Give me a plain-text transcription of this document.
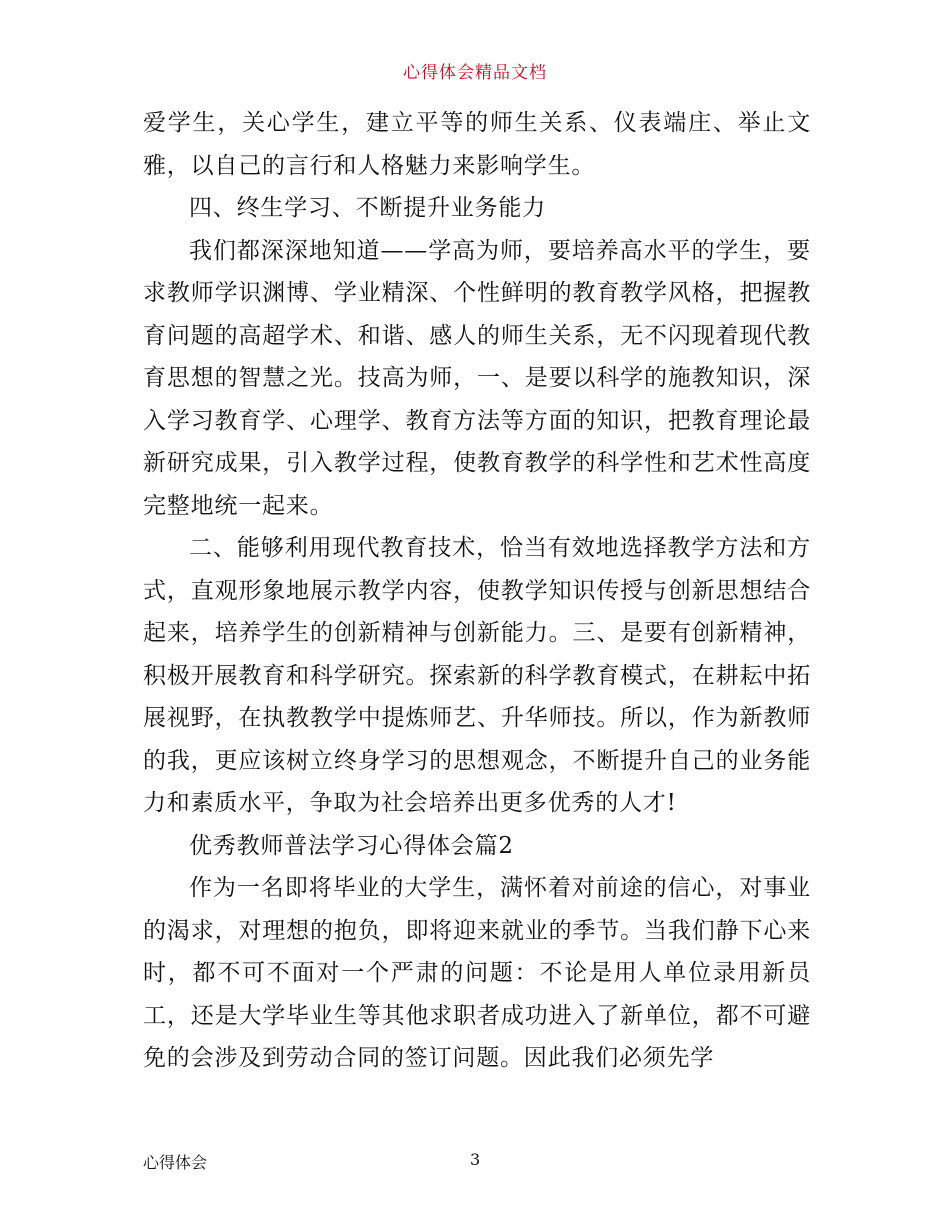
心得体会精品文档

爱学生，关心学生，建立平等的师生关系、仪表端庄、举止文雅，以自己的言行和人格魅力来影响学生。

四、终生学习、不断提升业务能力

我们都深深地知道——学高为师，要培养高水平的学生，要求教师学识渊博、学业精深、个性鲜明的教育教学风格，把握教育问题的高超学术、和谐、感人的师生关系，无不闪现着现代教育思想的智慧之光。技高为师，一、是要以科学的施教知识，深入学习教育学、心理学、教育方法等方面的知识，把教育理论最新研究成果，引入教学过程，使教育教学的科学性和艺术性高度完整地统一起来。

二、能够利用现代教育技术，恰当有效地选择教学方法和方式，直观形象地展示教学内容，使教学知识传授与创新思想结合起来，培养学生的创新精神与创新能力。三、是要有创新精神，积极开展教育和科学研究。探索新的科学教育模式，在耕耘中拓展视野，在执教教学中提炼师艺、升华师技。所以，作为新教师的我，更应该树立终身学习的思想观念，不断提升自己的业务能力和素质水平，争取为社会培养出更多优秀的人才!

优秀教师普法学习心得体会篇2

作为一名即将毕业的大学生，满怀着对前途的信心，对事业的渴求，对理想的抱负，即将迎来就业的季节。当我们静下心来时，都不可不面对一个严肃的问题：不论是用人单位录用新员工，还是大学毕业生等其他求职者成功进入了新单位，都不可避免的会涉及到劳动合同的签订问题。因此我们必须先学

心得体会	3
